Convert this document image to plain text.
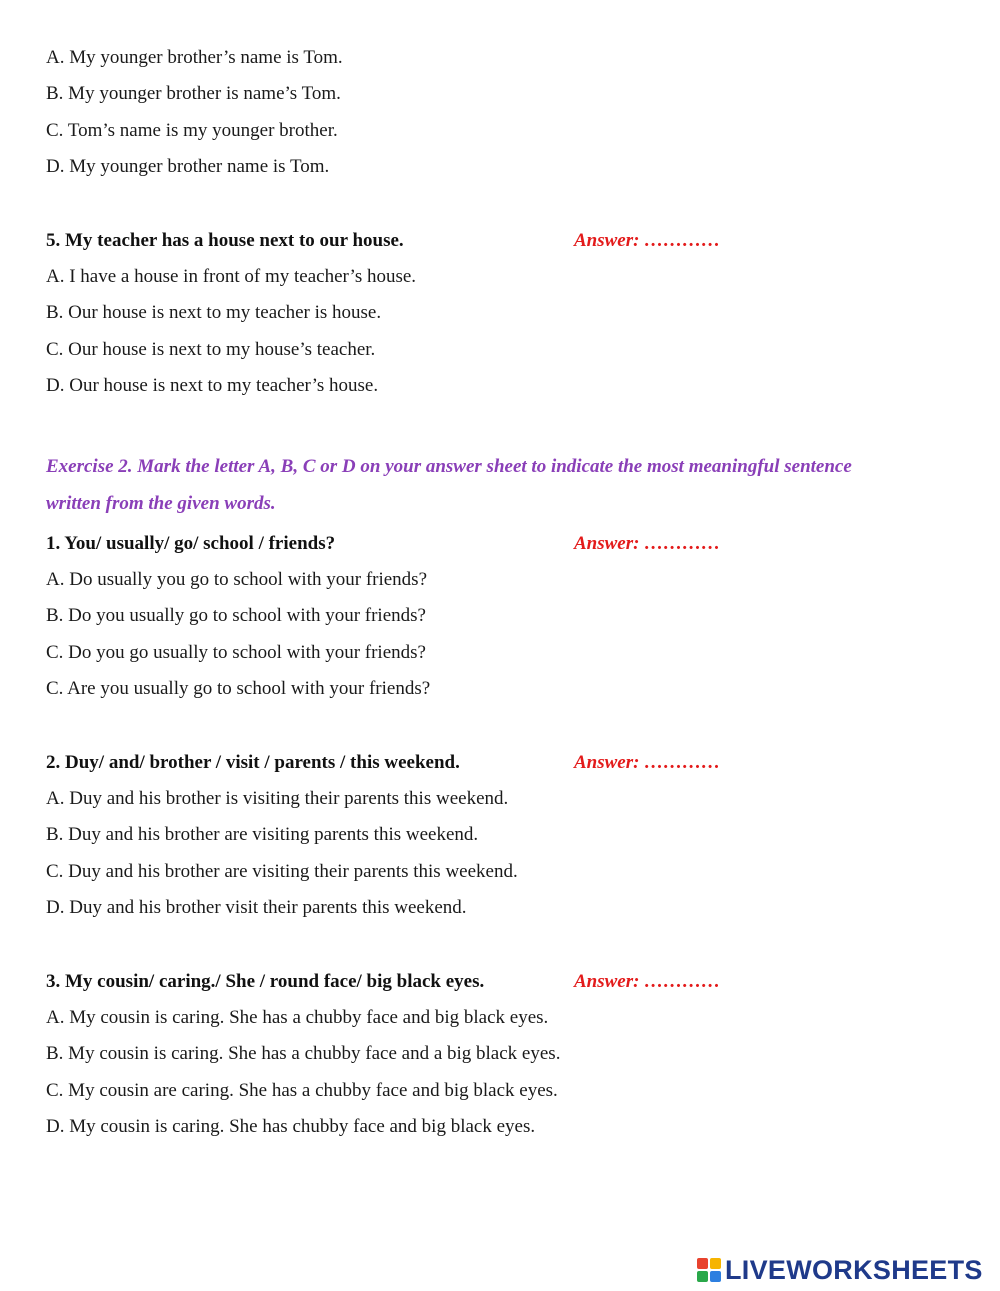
A. My younger brother’s name is Tom.
B. My younger brother is name’s Tom.
C. Tom’s name is my younger brother.
D. My younger brother name is Tom.
5. My teacher has a house next to our house.	Answer: …………
A. I have a house in front of my teacher’s house.
B. Our house is next to my teacher is house.
C. Our house is next to my house’s teacher.
D. Our house is next to my teacher’s house.
Exercise 2. Mark the letter A, B, C or D on your answer sheet to indicate the most meaningful sentence
written from the given words.
1. You/ usually/ go/ school / friends?	Answer: …………
A. Do usually you go to school with your friends?
B. Do you usually go to school with your friends?
C. Do you go usually to school with your friends?
C. Are you usually go to school with your friends?
2. Duy/ and/ brother / visit / parents / this weekend.	Answer: …………
A. Duy and his brother is visiting their parents this weekend.
B. Duy and his brother are visiting parents this weekend.
C. Duy and his brother are visiting their parents this weekend.
D. Duy and his brother visit their parents this weekend.
3. My cousin/ caring./ She / round face/ big black eyes.	Answer: …………
A. My cousin is caring. She has a chubby face and big black eyes.
B. My cousin is caring. She has a chubby face and a big black eyes.
C. My cousin are caring. She has a chubby face and big black eyes.
D. My cousin is caring. She has chubby face and big black eyes.
LIVEWORKSHEETS
